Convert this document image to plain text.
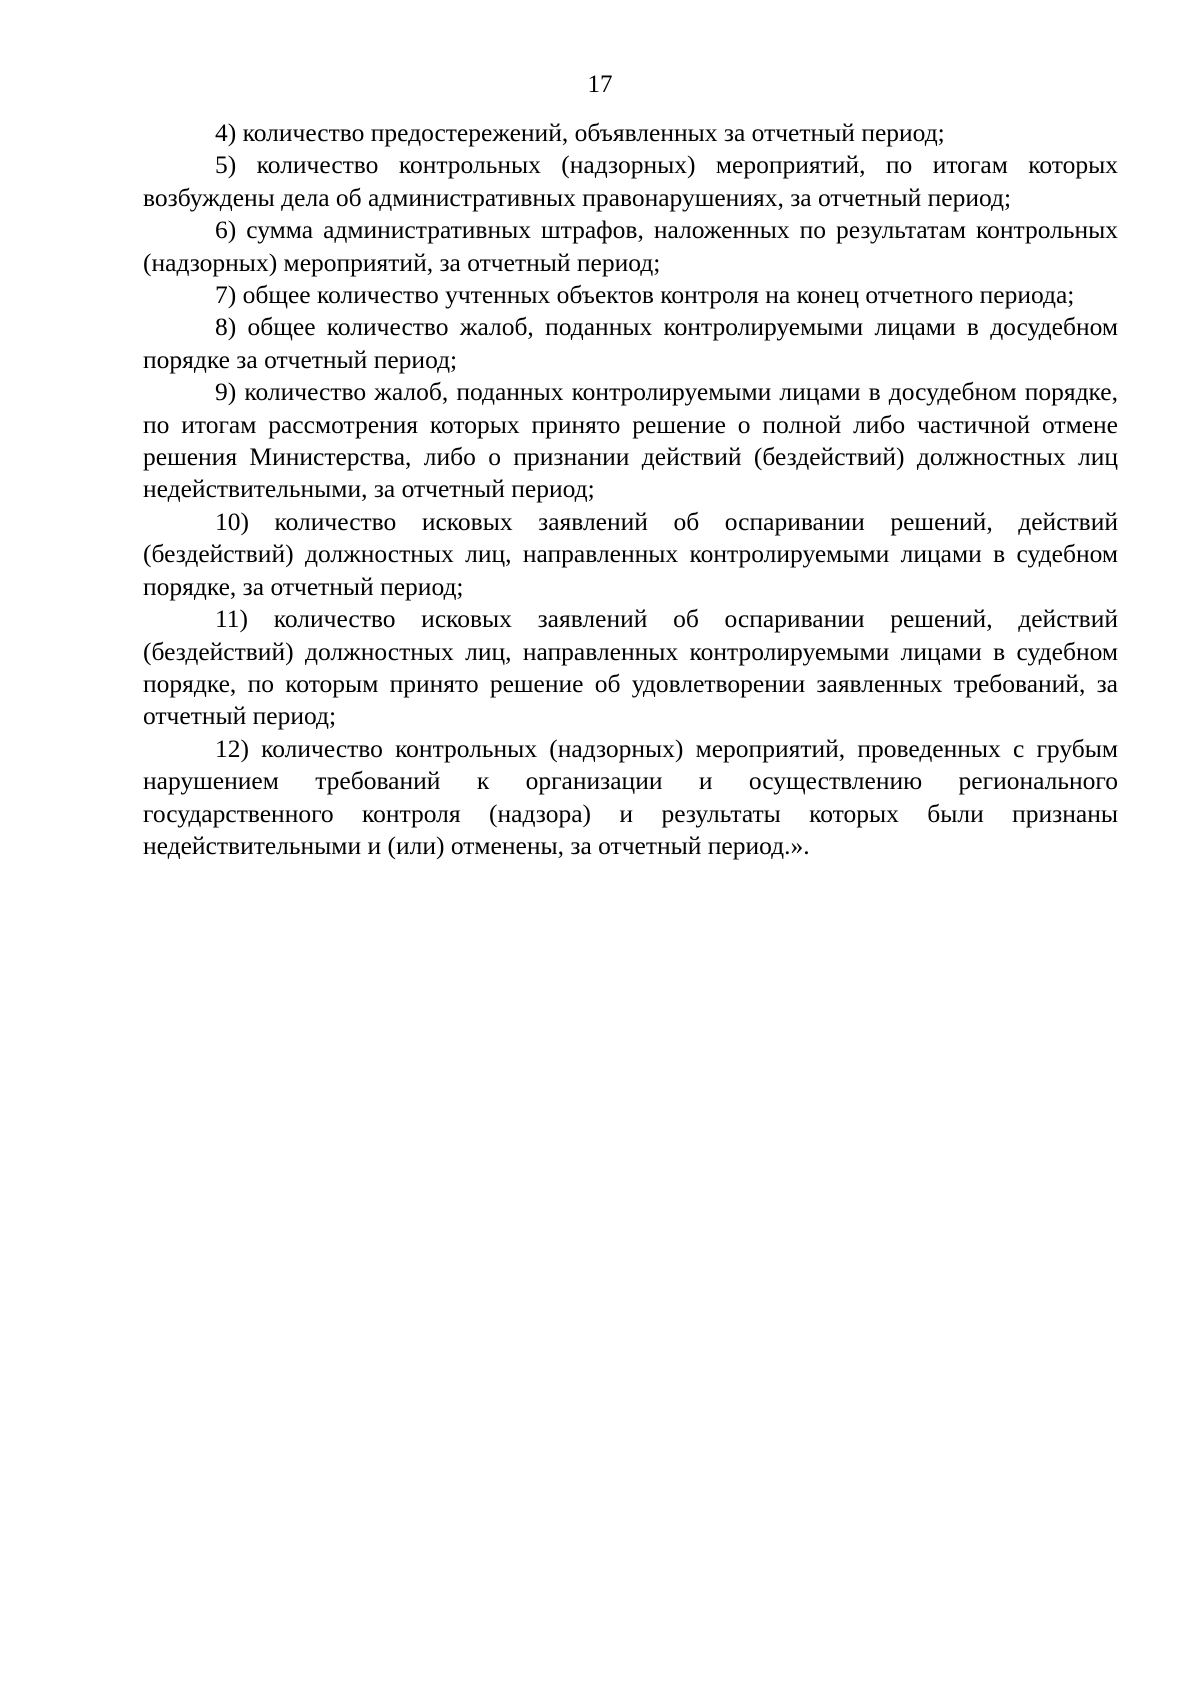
17

4) количество предостережений, объявленных за отчетный период;

5) количество контрольных (надзорных) мероприятий, по итогам которых возбуждены дела об административных правонарушениях, за отчетный период;

6) сумма административных штрафов, наложенных по результатам контрольных (надзорных) мероприятий, за отчетный период;

7) общее количество учтенных объектов контроля на конец отчетного периода;

8) общее количество жалоб, поданных контролируемыми лицами в досудебном порядке за отчетный период;

9) количество жалоб, поданных контролируемыми лицами в досудебном порядке, по итогам рассмотрения которых принято решение о полной либо частичной отмене решения Министерства, либо о признании действий (бездействий) должностных лиц недействительными, за отчетный период;

10) количество исковых заявлений об оспаривании решений, действий (бездействий) должностных лиц, направленных контролируемыми лицами в судебном порядке, за отчетный период;

11) количество исковых заявлений об оспаривании решений, действий (бездействий) должностных лиц, направленных контролируемыми лицами в судебном порядке, по которым принято решение об удовлетворении заявленных требований, за отчетный период;

12) количество контрольных (надзорных) мероприятий, проведенных с грубым нарушением требований к организации и осуществлению регионального государственного контроля (надзора) и результаты которых были признаны недействительными и (или) отменены, за отчетный период.».
